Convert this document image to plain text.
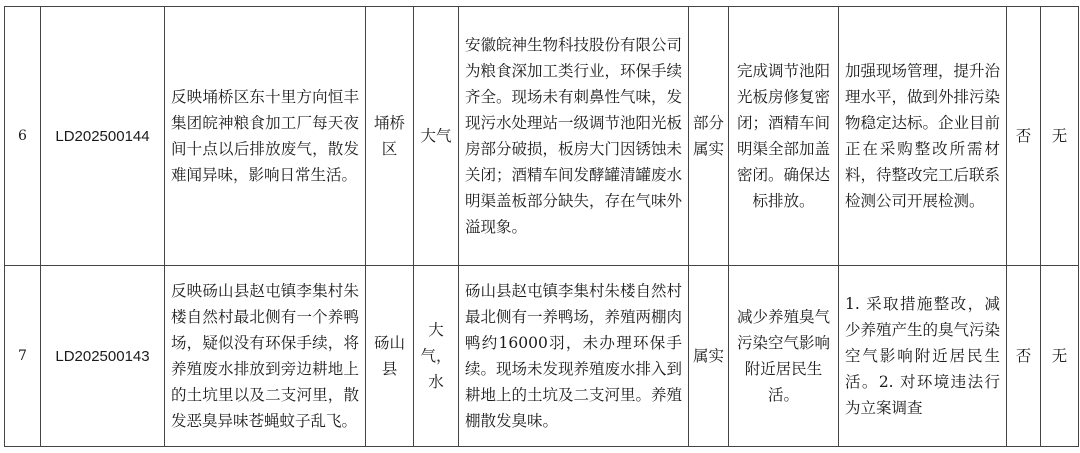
6	LD202500144	反映埇桥区东十里方向恒丰集团皖神粮食加工厂每天夜间十点以后排放废气，散发难闻异味，影响日常生活。	埇桥区	大气	安徽皖神生物科技股份有限公司为粮食深加工类行业，环保手续齐全。现场未有刺鼻性气味，发现污水处理站一级调节池阳光板房部分破损，板房大门因锈蚀未关闭；酒精车间发酵罐清罐废水明渠盖板部分缺失，存在气味外溢现象。	部分属实	完成调节池阳光板房修复密闭；酒精车间明渠全部加盖密闭。确保达标排放。	加强现场管理，提升治理水平，做到外排污染物稳定达标。企业目前正在采购整改所需材料，待整改完工后联系检测公司开展检测。	否	无
7	LD202500143	反映砀山县赵屯镇李集村朱楼自然村最北侧有一个养鸭场，疑似没有环保手续，将养殖废水排放到旁边耕地上的土坑里以及二支河里，散发恶臭异味苍蝇蚊子乱飞。	砀山县	大气，水	砀山县赵屯镇李集村朱楼自然村最北侧有一养鸭场，养殖两棚肉鸭约16000羽，未办理环保手续。现场未发现养殖废水排入到耕地上的土坑及二支河里。养殖棚散发臭味。	属实	减少养殖臭气污染空气影响附近居民生活。	1. 采取措施整改，减少养殖产生的臭气污染空气影响附近居民生活。2. 对环境违法行为立案调查	否	无
